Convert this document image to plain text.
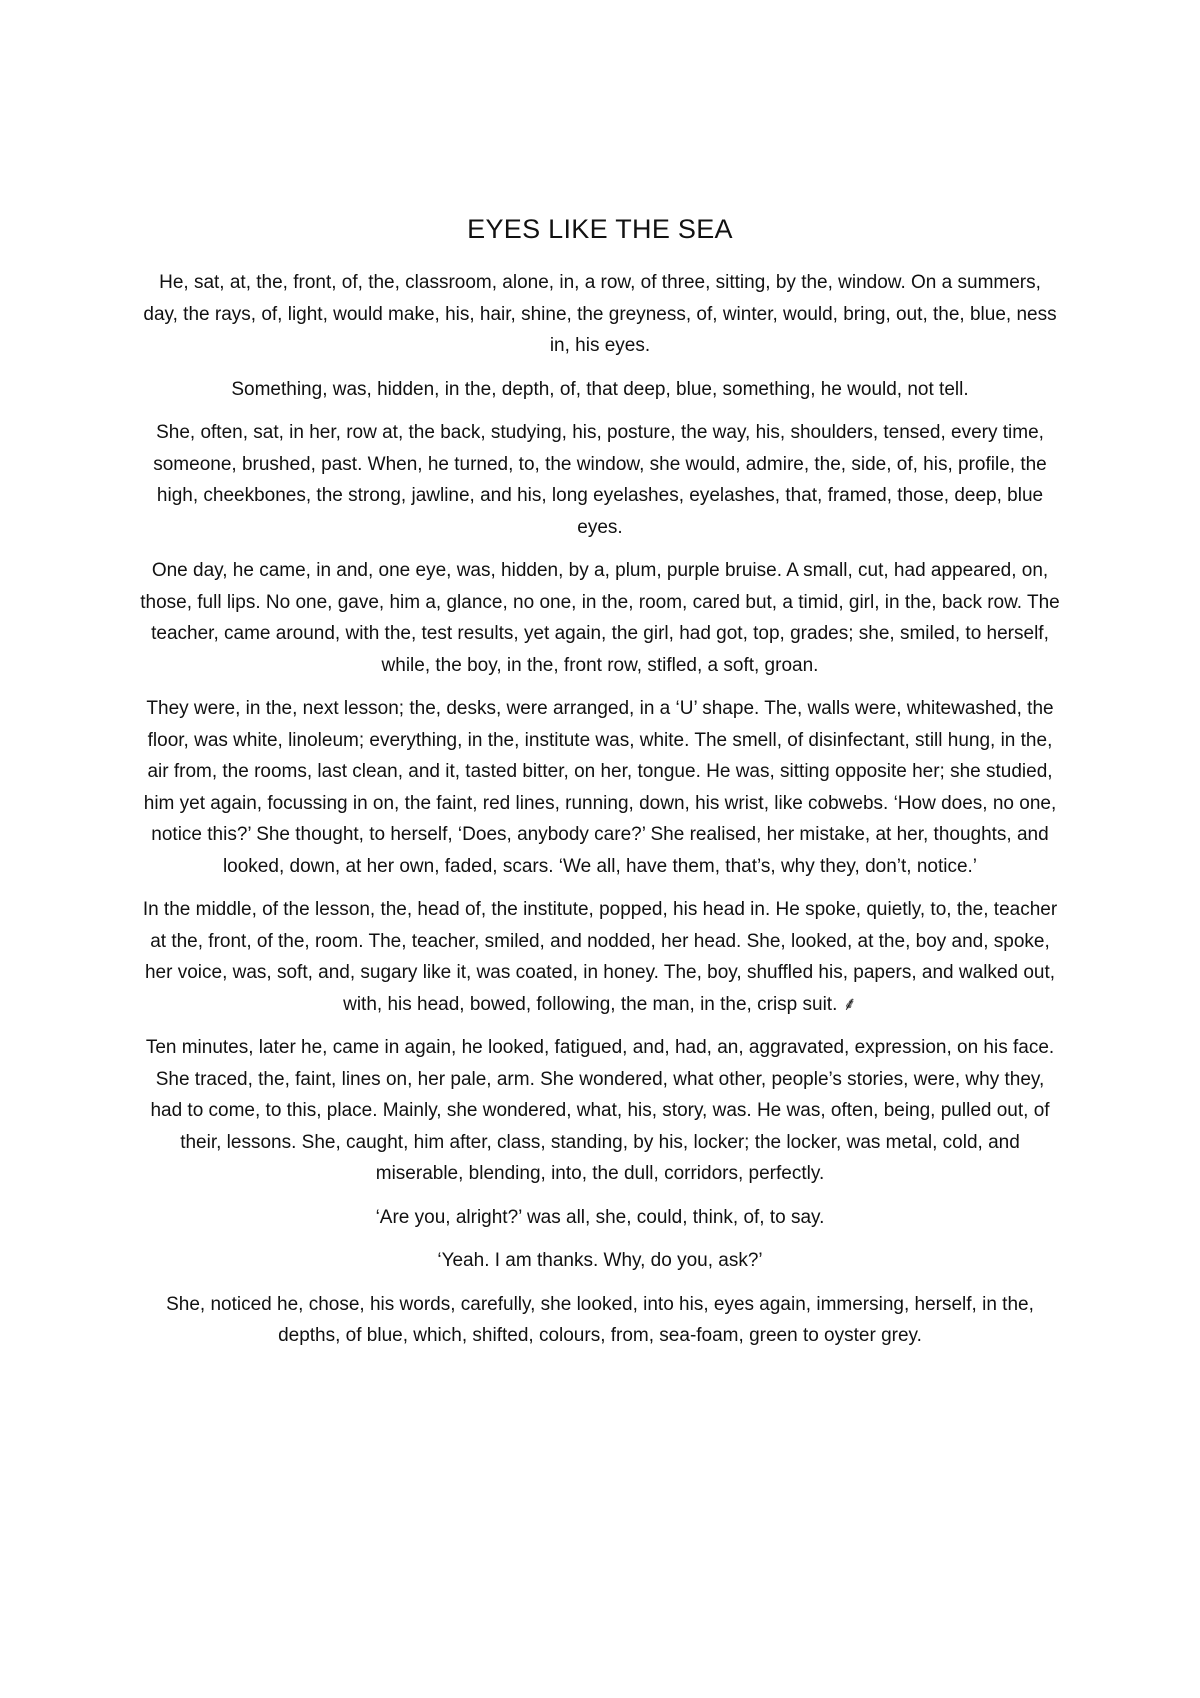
EYES LIKE THE SEA

He, sat, at, the, front, of, the, classroom, alone, in, a row, of three, sitting, by the, window. On a summers, day, the rays, of, light, would make, his, hair, shine, the greyness, of, winter, would, bring, out, the, blue, ness in, his eyes.

Something, was, hidden, in the, depth, of, that deep, blue, something, he would, not tell.

She, often, sat, in her, row at, the back, studying, his, posture, the way, his, shoulders, tensed, every time, someone, brushed, past. When, he turned, to, the window, she would, admire, the, side, of, his, profile, the high, cheekbones, the strong, jawline, and his, long eyelashes, eyelashes, that, framed, those, deep, blue eyes.

One day, he came, in and, one eye, was, hidden, by a, plum, purple bruise. A small, cut, had appeared, on, those, full lips. No one, gave, him a, glance, no one, in the, room, cared but, a timid, girl, in the, back row. The teacher, came around, with the, test results, yet again, the girl, had got, top, grades; she, smiled, to herself, while, the boy, in the, front row, stifled, a soft, groan.

They were, in the, next lesson; the, desks, were arranged, in a ‘U’ shape. The, walls were, whitewashed, the floor, was white, linoleum; everything, in the, institute was, white. The smell, of disinfectant, still hung, in the, air from, the rooms, last clean, and it, tasted bitter, on her, tongue. He was, sitting opposite her; she studied, him yet again, focussing in on, the faint, red lines, running, down, his wrist, like cobwebs. ‘How does, no one, notice this?’ She thought, to herself, ‘Does, anybody care?’ She realised, her mistake, at her, thoughts, and looked, down, at her own, faded, scars. ‘We all, have them, that’s, why they, don’t, notice.’

In the middle, of the lesson, the, head of, the institute, popped, his head in. He spoke, quietly, to, the, teacher at the, front, of the, room. The, teacher, smiled, and nodded, her head. She, looked, at the, boy and, spoke, her voice, was, soft, and, sugary like it, was coated, in honey. The, boy, shuffled his, papers, and walked out, with, his head, bowed, following, the man, in the, crisp suit. ⸙

Ten minutes, later he, came in again, he looked, fatigued, and, had, an, aggravated, expression, on his face. She traced, the, faint, lines on, her pale, arm. She wondered, what other, people’s stories, were, why they, had to come, to this, place. Mainly, she wondered, what, his, story, was. He was, often, being, pulled out, of their, lessons. She, caught, him after, class, standing, by his, locker; the locker, was metal, cold, and miserable, blending, into, the dull, corridors, perfectly.

‘Are you, alright?’ was all, she, could, think, of, to say.

‘Yeah. I am thanks. Why, do you, ask?’

She, noticed he, chose, his words, carefully, she looked, into his, eyes again, immersing, herself, in the, depths, of blue, which, shifted, colours, from, sea-foam, green to oyster grey.
